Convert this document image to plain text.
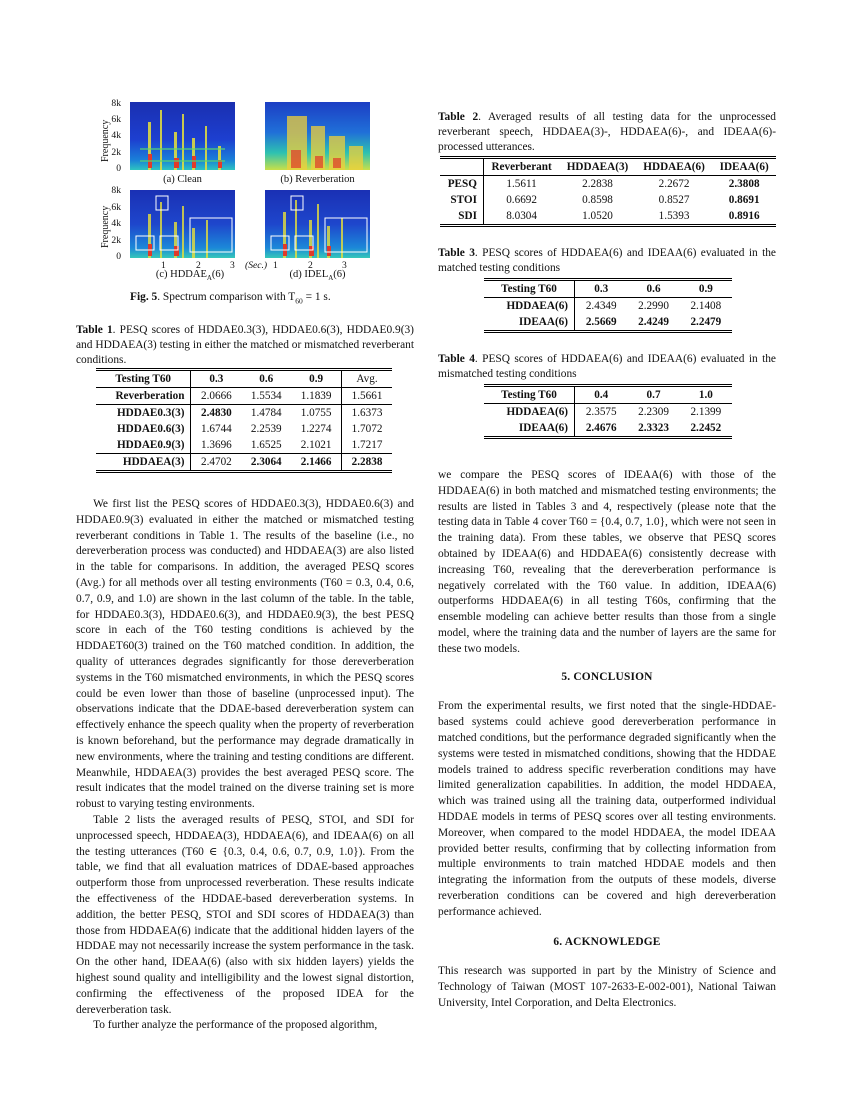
8k
6k
4k
2k
0
Frequency
8k
6k
4k
2k
0
Frequency
(a) Clean	(b) Reverberation
1	2	3 (Sec.)
(c) $HDDAE_A(6)$
1	2	3
(d) $IDEL_A(6)$
Fig. 5. Spectrum comparison with $T_{60} = 1$ s.
Table 1. PESQ scores of HDDAE0.3(3), HDDAE0.6(3), HDDAE0.9(3) and HDDAEA(3) testing in either the matched or mismatched reverberant conditions.
Testing T60	0.3	0.6	0.9	Avg.
Reverberation	2.0666	1.5534	1.1839	1.5661
HDDAE0.3(3)	2.4830	1.4784	1.0755	1.6373
HDDAE0.6(3)	1.6744	2.2539	1.2274	1.7072
HDDAE0.9(3)	1.3696	1.6525	2.1021	1.7217
HDDAEA(3)	2.4702	2.3064	2.1466	2.2838

We first list the PESQ scores of HDDAE0.3(3), HDDAE0.6(3) and HDDAE0.9(3) evaluated in either the matched or mismatched testing reverberant conditions in Table 1. The results of the baseline (i.e., no dereverberation process was conducted) and HDDAEA(3) are also listed in the table for comparisons. In addition, the averaged PESQ scores (Avg.) for all methods over all testing environments (T60 = 0.3, 0.4, 0.6, 0.7, 0.9, and 1.0) are shown in the last column of the table. In the table, for HDDAE0.3(3), HDDAE0.6(3), and HDDAE0.9(3), the best PESQ score in each of the T60 testing conditions is achieved by the HDDAET60(3) trained on the T60 matched condition. In addition, the quality of utterances degrades significantly for those dereverberation systems in the T60 mismatched environments, in which the PESQ scores could be even lower than those of baseline (unprocessed input). The observations indicate that the DDAE-based dereverberation system can effectively enhance the speech quality when the property of reverberation is known beforehand, but the performance may degrade dramatically in new environments, where the training and testing conditions are different. Meanwhile, HDDAEA(3) provides the best averaged PESQ score. The result indicates that the model trained on the diverse training set is more robust to varying testing environments.

Table 2 lists the averaged results of PESQ, STOI, and SDI for unprocessed speech, HDDAEA(3), HDDAEA(6), and IDEAA(6) on all the testing utterances (T60 ∈ {0.3, 0.4, 0.6, 0.7, 0.9, 1.0}). From the table, we find that all evaluation matrices of DDAE-based approaches outperform those from unprocessed reverberation. These results indicate the effectiveness of the HDDAE-based dereverberation systems. In addition, the better PESQ, STOI and SDI scores of HDDAEA(3) than those from HDDAEA(6) indicate that the additional hidden layers of the HDDAE may not necessarily increase the system performance in the task. On the other hand, IDEAA(6) (also with six hidden layers) yields the highest sound quality and intelligibility and the lowest signal distortion, confirming the effectiveness of the proposed IDEA for the dereverberation task.

To further analyze the performance of the proposed algorithm,

Table 2. Averaged results of all testing data for the unprocessed reverberant speech, HDDAEA(3)-, HDDAEA(6)-, and IDEAA(6)-processed utterances.
	Reverberant	HDDAEA(3)	HDDAEA(6)	IDEAA(6)
PESQ	1.5611	2.2838	2.2672	2.3808
STOI	0.6692	0.8598	0.8527	0.8691
SDI	8.0304	1.0520	1.5393	0.8916
Table 3. PESQ scores of HDDAEA(6) and IDEAA(6) evaluated in the matched testing conditions
Testing T60	0.3	0.6	0.9
HDDAEA(6)	2.4349	2.2990	2.1408
IDEAA(6)	2.5669	2.4249	2.2479
Table 4. PESQ scores of HDDAEA(6) and IDEAA(6) evaluated in the mismatched testing conditions
Testing T60	0.4	0.7	1.0
HDDAEA(6)	2.3575	2.2309	2.1399
IDEAA(6)	2.4676	2.3323	2.2452

we compare the PESQ scores of IDEAA(6) with those of the HDDAEA(6) in both matched and mismatched testing environments; the results are listed in Tables 3 and 4, respectively (please note that the testing data in Table 4 cover T60 = {0.4, 0.7, 1.0}, which were not seen in the training data). From these tables, we observe that PESQ scores obtained by IDEAA(6) and HDDAEA(6) consistently decrease with increasing T60, revealing that the dereverberation performance is negatively correlated with the T60 value. In addition, IDEAA(6) outperforms HDDAEA(6) in all testing T60s, confirming that the ensemble modeling can achieve better results than those from a single model, where the training data and the number of layers are the same for these two models.

5. CONCLUSION

From the experimental results, we first noted that the single-HDDAE-based systems could achieve good dereverberation performance in matched conditions, but the performance degraded significantly when the systems were tested in mismatched conditions, showing that the HDDAE models trained to address specific reverberation conditions may have limited generalization capabilities. In addition, the model HDDAEA, which was trained using all the training data, outperformed individual HDDAE models in terms of PESQ scores over all testing environments. Moreover, when compared to the model HDDAEA, the model IDEAA provided better results, confirming that by collecting information from multiple environments to train matched HDDAE models and then integrating the information from the outputs of these models, diverse reverberation conditions can be covered and high dereverberation performance achieved.

6. ACKNOWLEDGE

This research was supported in part by the Ministry of Science and Technology of Taiwan (MOST 107-2633-E-002-001), National Taiwan University, Intel Corporation, and Delta Electronics.
